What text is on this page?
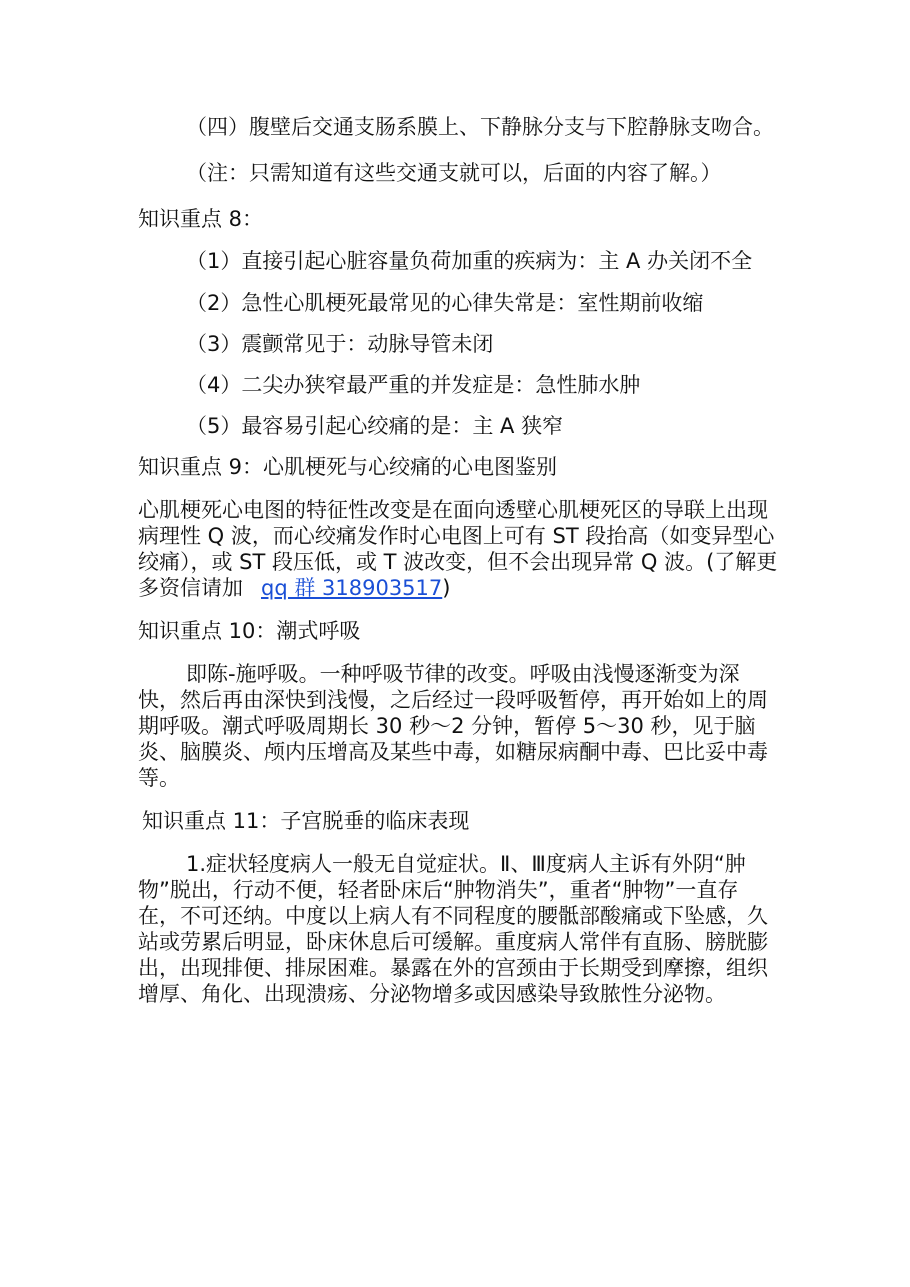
（四）腹壁后交通支肠系膜上、下静脉分支与下腔静脉支吻合。

（注：只需知道有这些交通支就可以，后面的内容了解。）

知识重点 8：

（1）直接引起心脏容量负荷加重的疾病为：主 A 办关闭不全

（2）急性心肌梗死最常见的心律失常是：室性期前收缩

（3）震颤常见于：动脉导管未闭

（4）二尖办狭窄最严重的并发症是：急性肺水肿

（5）最容易引起心绞痛的是：主 A 狭窄

知识重点 9：心肌梗死与心绞痛的心电图鉴别

心肌梗死心电图的特征性改变是在面向透壁心肌梗死区的导联上出现病理性 Q 波，而心绞痛发作时心电图上可有 ST 段抬高（如变异型心绞痛），或 ST 段压低，或 T 波改变，但不会出现异常 Q 波。(了解更多资信请加 qq 群 318903517)

知识重点 10：潮式呼吸

即陈-施呼吸。一种呼吸节律的改变。呼吸由浅慢逐渐变为深快，然后再由深快到浅慢，之后经过一段呼吸暂停，再开始如上的周期呼吸。潮式呼吸周期长 30 秒～2 分钟，暂停 5～30 秒，见于脑炎、脑膜炎、颅内压增高及某些中毒，如糖尿病酮中毒、巴比妥中毒等。

知识重点 11：子宫脱垂的临床表现

1.症状轻度病人一般无自觉症状。Ⅱ、Ⅲ度病人主诉有外阴“肿物”脱出，行动不便，轻者卧床后“肿物消失”，重者“肿物”一直存在，不可还纳。中度以上病人有不同程度的腰骶部酸痛或下坠感，久站或劳累后明显，卧床休息后可缓解。重度病人常伴有直肠、膀胱膨出，出现排便、排尿困难。暴露在外的宫颈由于长期受到摩擦，组织增厚、角化、出现溃疡、分泌物增多或因感染导致脓性分泌物。
